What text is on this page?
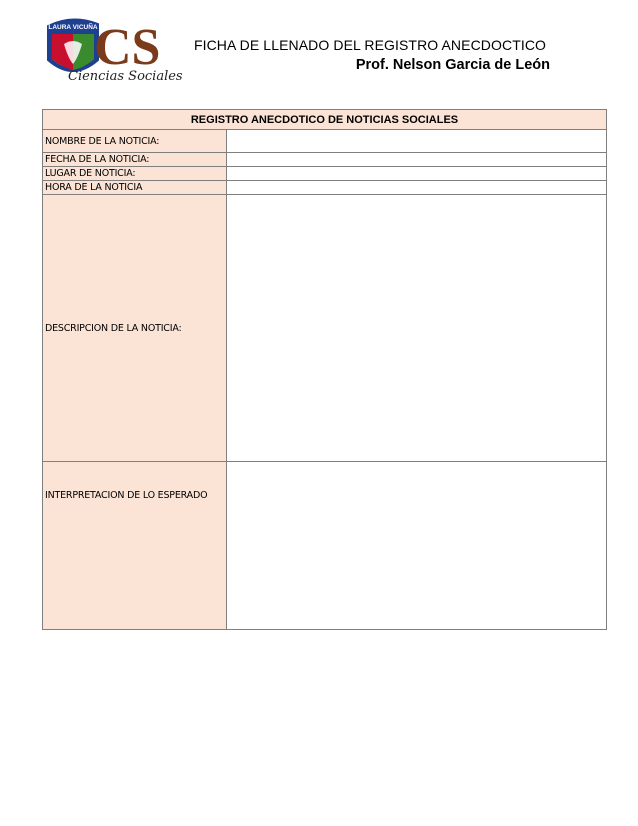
LAURA VICUÑA
CS
Ciencias Sociales
FICHA DE LLENADO DEL REGISTRO ANECDOCTICO
Prof. Nelson Garcia de León
REGISTRO ANECDOTICO DE NOTICIAS SOCIALES	
NOMBRE DE LA NOTICIA:	
FECHA DE LA NOTICIA:	
LUGAR DE NOTICIA:	
HORA DE LA NOTICIA	
DESCRIPCION DE LA NOTICIA:	
INTERPRETACION DE LO ESPERADO	
